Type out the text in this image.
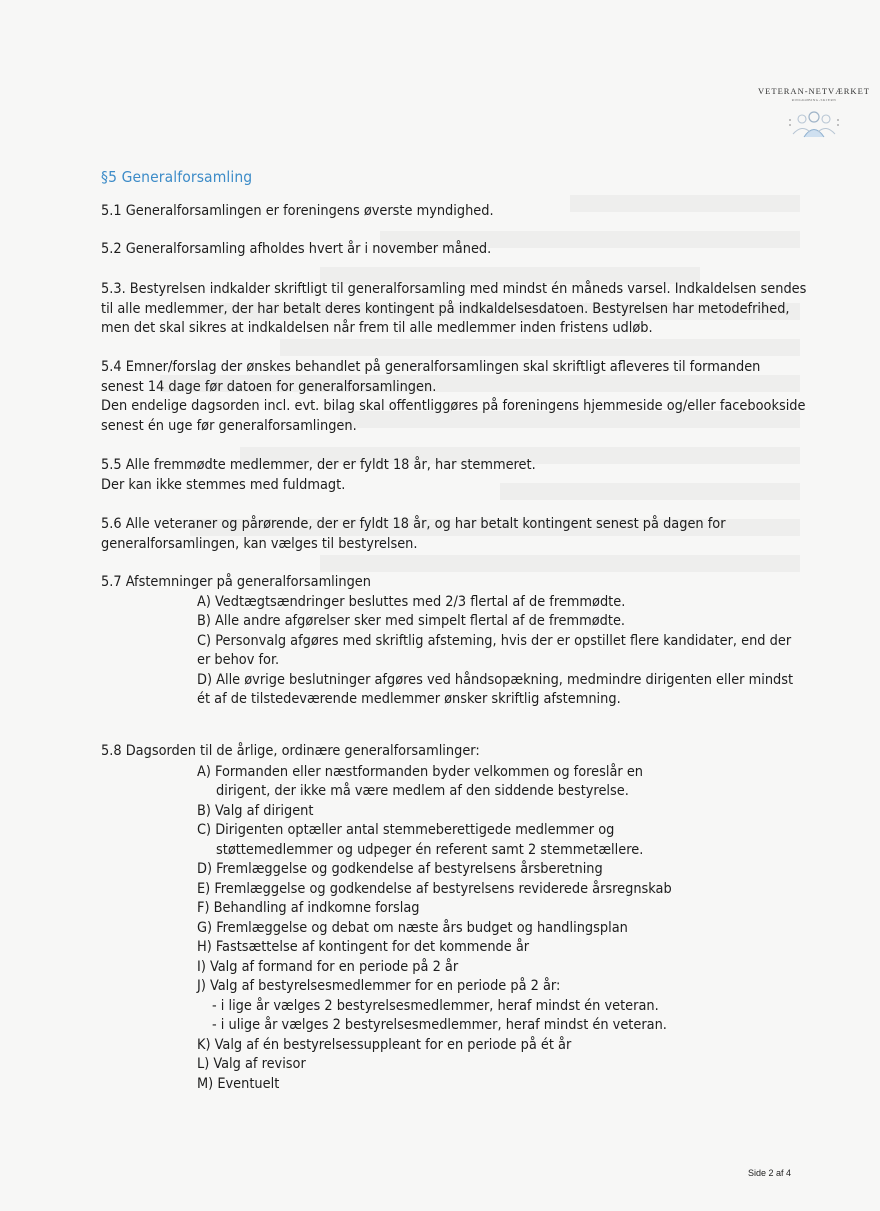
VETERAN-NETVÆRKET
RINGKØBING-SKJERN
§5 Generalforsamling
5.1 Generalforsamlingen er foreningens øverste myndighed.
5.2 Generalforsamling afholdes hvert år i november måned.
5.3. Bestyrelsen indkalder skriftligt til generalforsamling med mindst én måneds varsel. Indkaldelsen sendes
til alle medlemmer, der har betalt deres kontingent på indkaldelsesdatoen. Bestyrelsen har metodefrihed,
men det skal sikres at indkaldelsen når frem til alle medlemmer inden fristens udløb.
5.4 Emner/forslag der ønskes behandlet på generalforsamlingen skal skriftligt afleveres til formanden
senest 14 dage før datoen for generalforsamlingen.
Den endelige dagsorden incl. evt. bilag skal offentliggøres på foreningens hjemmeside og/eller facebookside
senest én uge før generalforsamlingen.
5.5 Alle fremmødte medlemmer, der er fyldt 18 år, har stemmeret.
Der kan ikke stemmes med fuldmagt.
5.6 Alle veteraner og pårørende, der er fyldt 18 år, og har betalt kontingent senest på dagen for
generalforsamlingen, kan vælges til bestyrelsen.
5.7 Afstemninger på generalforsamlingen
A) Vedtægtsændringer besluttes med 2/3 flertal af de fremmødte.
B) Alle andre afgørelser sker med simpelt flertal af de fremmødte.
C) Personvalg afgøres med skriftlig afsteming, hvis der er opstillet flere kandidater, end der
er behov for.
D) Alle øvrige beslutninger afgøres ved håndsopækning, medmindre dirigenten eller mindst
ét af de tilstedeværende medlemmer ønsker skriftlig afstemning.
5.8 Dagsorden til de årlige, ordinære generalforsamlinger:
A) Formanden eller næstformanden byder velkommen og foreslår en
dirigent, der ikke må være medlem af den siddende bestyrelse.
B) Valg af dirigent
C) Dirigenten optæller antal stemmeberettigede medlemmer og
støttemedlemmer og udpeger én referent samt 2 stemmetællere.
D) Fremlæggelse og godkendelse af bestyrelsens årsberetning
E) Fremlæggelse og godkendelse af bestyrelsens reviderede årsregnskab
F) Behandling af indkomne forslag
G) Fremlæggelse og debat om næste års budget og handlingsplan
H) Fastsættelse af kontingent for det kommende år
I) Valg af formand for en periode på 2 år
J) Valg af bestyrelsesmedlemmer for en periode på 2 år:
- i lige år vælges 2 bestyrelsesmedlemmer, heraf mindst én veteran.
- i ulige år vælges 2 bestyrelsesmedlemmer, heraf mindst én veteran.
K) Valg af én bestyrelsessuppleant for en periode på ét år
L) Valg af revisor
M) Eventuelt
Side 2 af 4
